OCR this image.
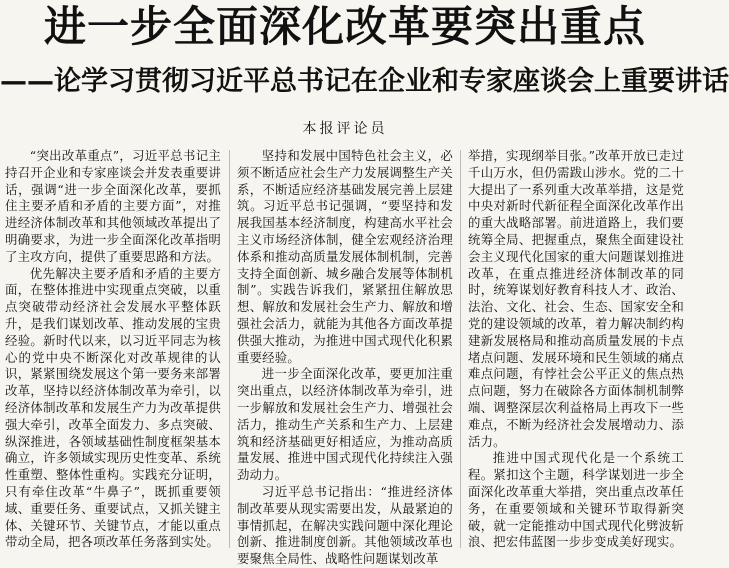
进一步全面深化改革要突出重点
——论学习贯彻习近平总书记在企业和专家座谈会上重要讲话
本报评论员

“突出改革重点”，习近平总书记主持召开企业和专家座谈会并发表重要讲话，强调“进一步全面深化改革，要抓住主要矛盾和矛盾的主要方面”，对推进经济体制改革和其他领域改革提出了明确要求，为进一步全面深化改革指明了主攻方向，提供了重要思路和方法。

优先解决主要矛盾和矛盾的主要方面，在整体推进中实现重点突破，以重点突破带动经济社会发展水平整体跃升，是我们谋划改革、推动发展的宝贵经验。新时代以来，以习近平同志为核心的党中央不断深化对改革规律的认识，紧紧围绕发展这个第一要务来部署改革，坚持以经济体制改革为牵引，以经济体制改革和发展生产力为改革提供强大牵引，改革全面发力、多点突破、纵深推进，各领域基础性制度框架基本确立，许多领域实现历史性变革、系统性重塑、整体性重构。实践充分证明，只有牵住改革“牛鼻子”，既抓重要领域、重要任务、重要试点，又抓关键主体、关键环节、关键节点，才能以重点带动全局，把各项改革任务落到实处。

坚持和发展中国特色社会主义，必须不断适应社会生产力发展调整生产关系，不断适应经济基础发展完善上层建筑。习近平总书记强调，“要坚持和发展我国基本经济制度，构建高水平社会主义市场经济体制，健全宏观经济治理体系和推动高质量发展体制机制，完善支持全面创新、城乡融合发展等体制机制”。实践告诉我们，紧紧扭住解放思想、解放和发展社会生产力、解放和增强社会活力，就能为其他各方面改革提供强大推动，为推进中国式现代化积累重要经验。

进一步全面深化改革，要更加注重突出重点，以经济体制改革为牵引，进一步解放和发展社会生产力、增强社会活力，推动生产关系和生产力、上层建筑和经济基础更好相适应，为推动高质量发展、推进中国式现代化持续注入强劲动力。

习近平总书记指出：“推进经济体制改革要从现实需要出发，从最紧迫的事情抓起，在解决实践问题中深化理论创新、推进制度创新。其他领域改革也要聚焦全局性、战略性问题谋划改革

举措，实现纲举目张。”改革开放已走过千山万水，但仍需跋山涉水。党的二十大提出了一系列重大改革举措，这是党中央对新时代新征程全面深化改革作出的重大战略部署。前进道路上，我们要统筹全局、把握重点，聚焦全面建设社会主义现代化国家的重大问题谋划推进改革，在重点推进经济体制改革的同时，统筹谋划好教育科技人才、政治、法治、文化、社会、生态、国家安全和党的建设领域的改革，着力解决制约构建新发展格局和推动高质量发展的卡点堵点问题、发展环境和民生领域的痛点难点问题，有悖社会公平正义的焦点热点问题，努力在破除各方面体制机制弊端、调整深层次利益格局上再攻下一些难点，不断为经济社会发展增动力、添活力。

推进中国式现代化是一个系统工程。紧扣这个主题，科学谋划进一步全面深化改革重大举措，突出重点改革任务，在重要领域和关键环节取得新突破，就一定能推动中国式现代化劈波斩浪、把宏伟蓝图一步步变成美好现实。
